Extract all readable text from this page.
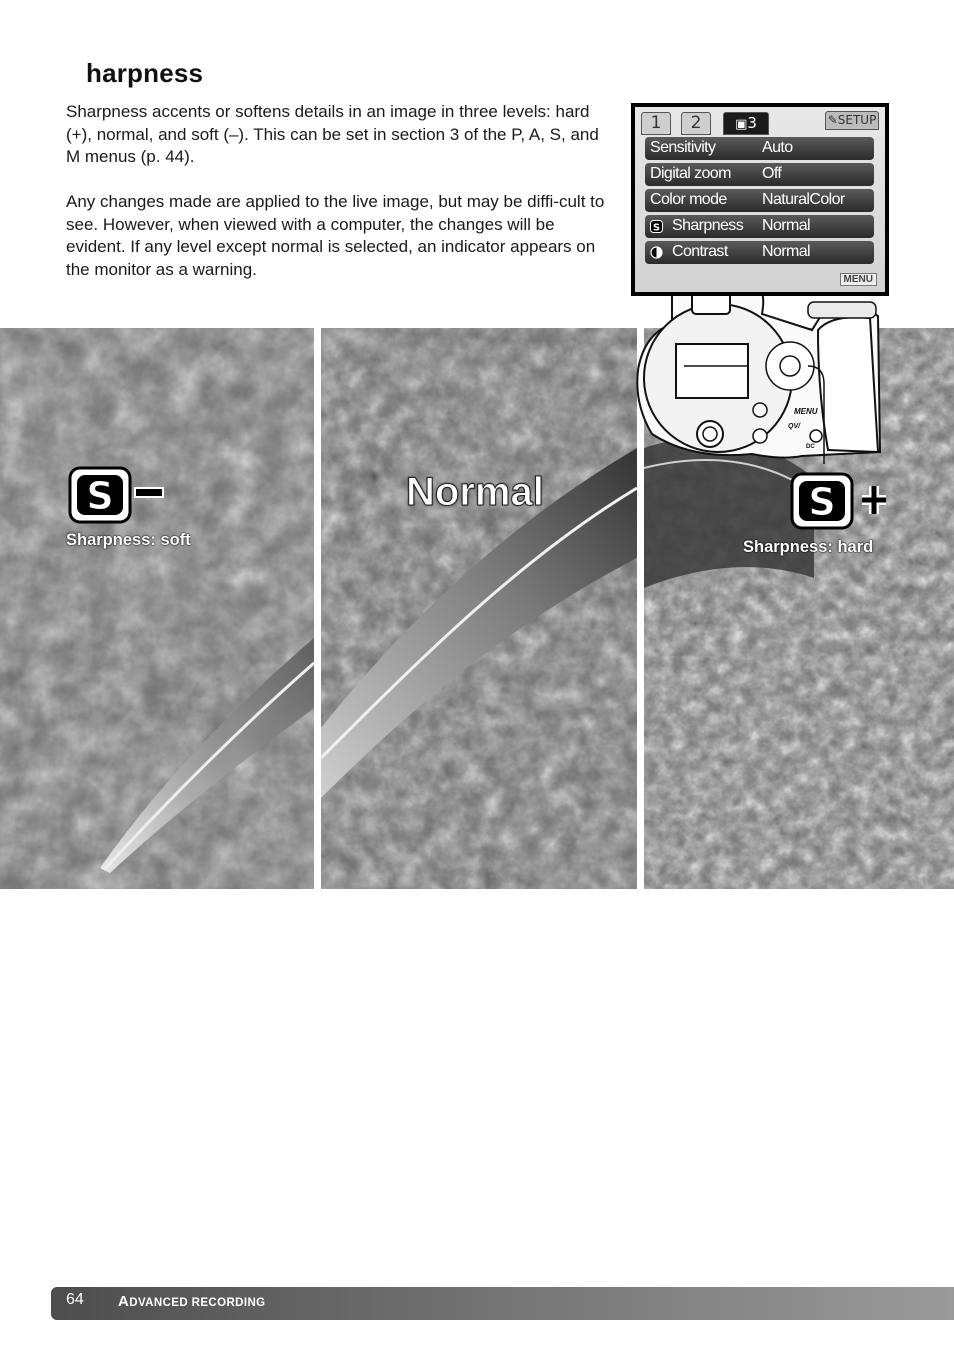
harpness
Sharpness accents or softens details in an image in three levels: hard (+), normal, and soft (–). This can be set in section 3 of the P, A, S, and M menus (p. 44).
Any changes made are applied to the live image, but may be diffi-cult to see. However, when viewed with a computer, the changes will be evident. If any level except normal is selected, an indicator appears on the monitor as a warning.
S
Sharpness: soft
Normal	S
Sharpness: hard
MENU
QV/
DC
1	2	▣3	✎SETUP
Sensitivity	Auto
Digital zoom Off
Color mode NaturalColor
S Sharpness Normal
Contrast Normal
MENU
64 ADVANCED RECORDING
